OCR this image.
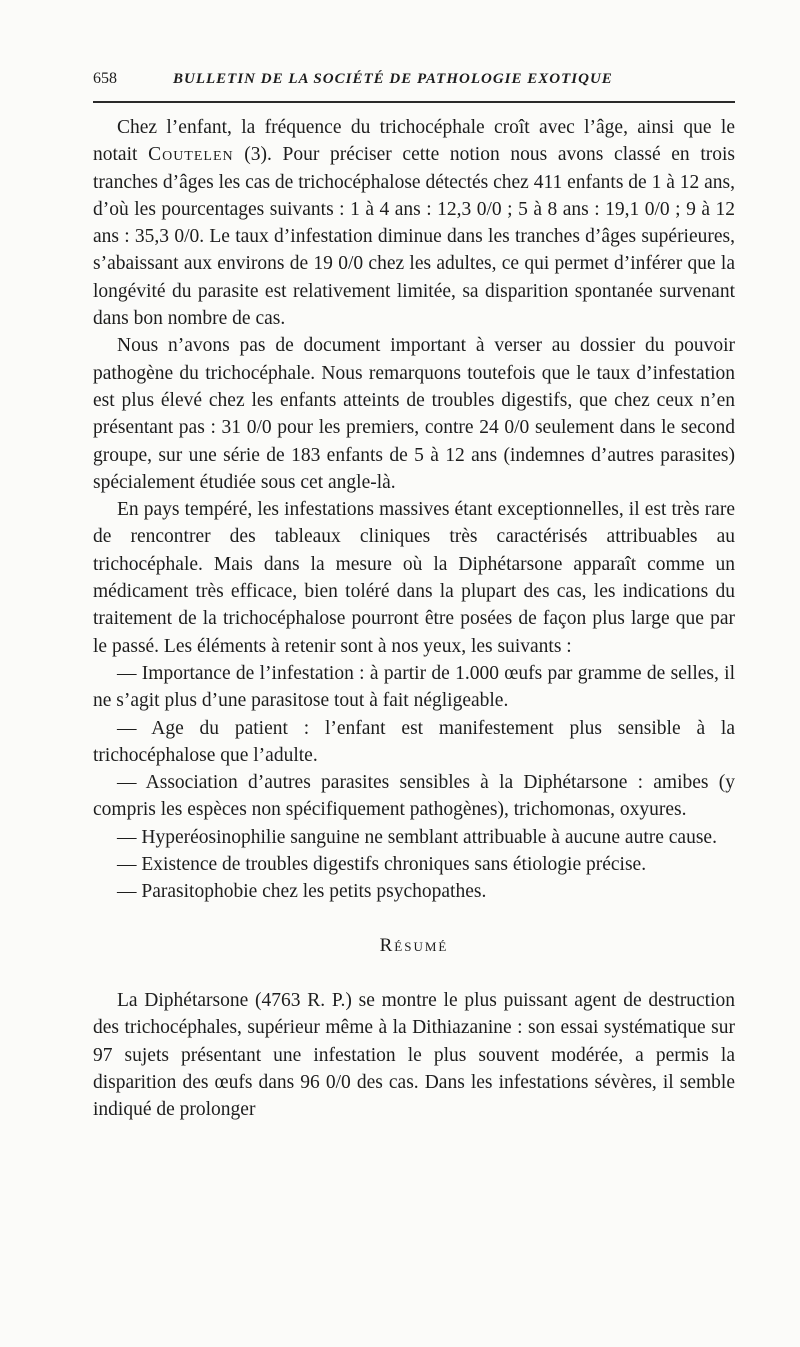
658	BULLETIN DE LA SOCIÉTÉ DE PATHOLOGIE EXOTIQUE

Chez l’enfant, la fréquence du trichocéphale croît avec l’âge, ainsi que le notait Coutelen (3). Pour préciser cette notion nous avons classé en trois tranches d’âges les cas de trichocéphalose détectés chez 411 enfants de 1 à 12 ans, d’où les pourcentages suivants : 1 à 4 ans : 12,3 0/0 ; 5 à 8 ans : 19,1 0/0 ; 9 à 12 ans : 35,3 0/0. Le taux d’infestation diminue dans les tranches d’âges supérieures, s’abaissant aux environs de 19 0/0 chez les adultes, ce qui permet d’inférer que la longévité du parasite est relativement limitée, sa disparition spontanée survenant dans bon nombre de cas.

Nous n’avons pas de document important à verser au dossier du pouvoir pathogène du trichocéphale. Nous remarquons toutefois que le taux d’infestation est plus élevé chez les enfants atteints de troubles digestifs, que chez ceux n’en présentant pas : 31 0/0 pour les premiers, contre 24 0/0 seulement dans le second groupe, sur une série de 183 enfants de 5 à 12 ans (indemnes d’autres parasites) spécialement étudiée sous cet angle-là.

En pays tempéré, les infestations massives étant exceptionnelles, il est très rare de rencontrer des tableaux cliniques très caractérisés attribuables au trichocéphale. Mais dans la mesure où la Diphétarsone apparaît comme un médicament très efficace, bien toléré dans la plupart des cas, les indications du traitement de la trichocéphalose pourront être posées de façon plus large que par le passé. Les éléments à retenir sont à nos yeux, les suivants :

— Importance de l’infestation : à partir de 1.000 œufs par gramme de selles, il ne s’agit plus d’une parasitose tout à fait négligeable.

— Age du patient : l’enfant est manifestement plus sensible à la trichocéphalose que l’adulte.

— Association d’autres parasites sensibles à la Diphétarsone : amibes (y compris les espèces non spécifiquement pathogènes), trichomonas, oxyures.

— Hyperéosinophilie sanguine ne semblant attribuable à aucune autre cause.

— Existence de troubles digestifs chroniques sans étiologie précise.

— Parasitophobie chez les petits psychopathes.

Résumé

La Diphétarsone (4763 R. P.) se montre le plus puissant agent de destruction des trichocéphales, supérieur même à la Dithiazanine : son essai systématique sur 97 sujets présentant une infestation le plus souvent modérée, a permis la disparition des œufs dans 96 0/0 des cas. Dans les infestations sévères, il semble indiqué de prolonger
